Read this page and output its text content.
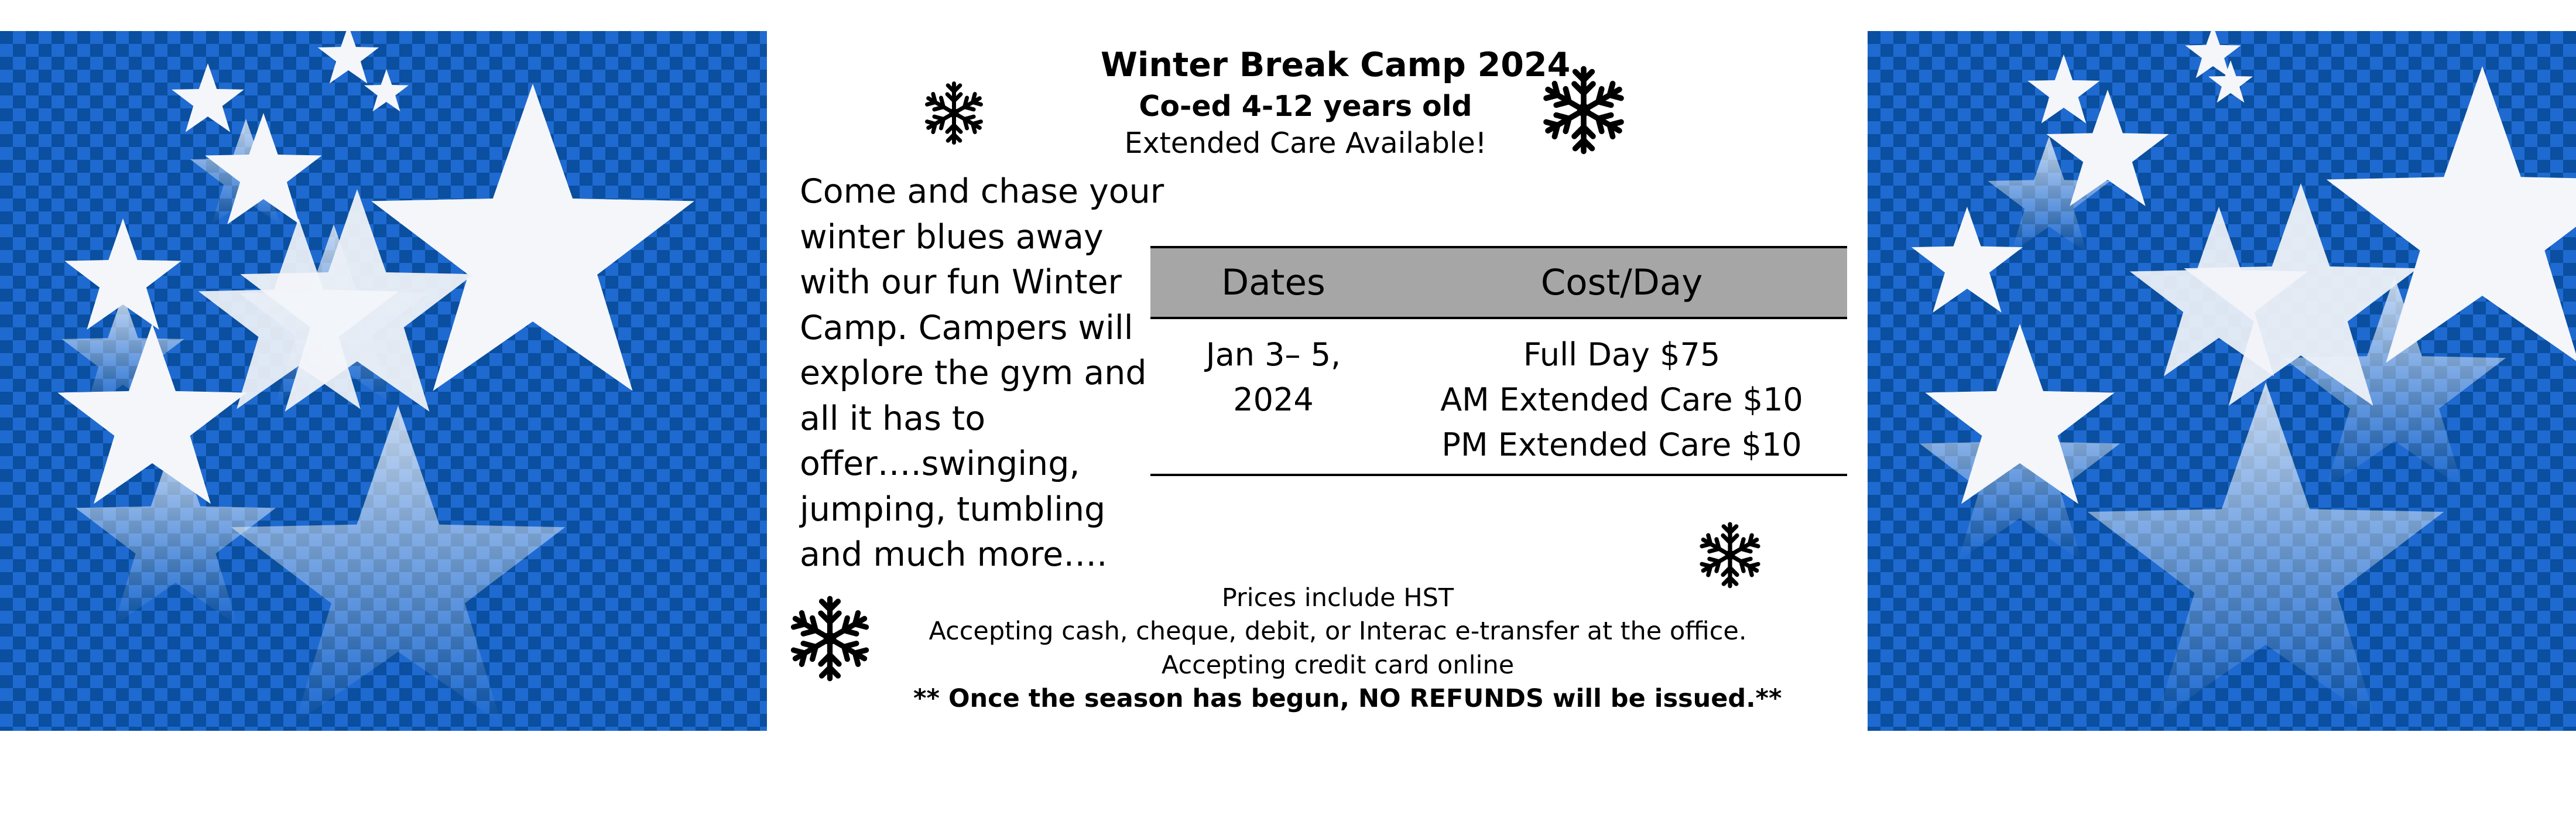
Winter Break Camp 2024
Co-ed 4-12 years old
Extended Care Available!
Come and chase your
winter blues away
with our fun Winter
Camp. Campers will
explore the gym and
all it has to
offer….swinging,
jumping, tumbling
and much more….
Dates	Cost/Day
Jan 3– 5,
2024
Full Day $75
AM Extended Care $10
PM Extended Care $10
Prices include HST
Accepting cash, cheque, debit, or Interac e-transfer at the office.
Accepting credit card online
** Once the season has begun, NO REFUNDS will be issued.**
